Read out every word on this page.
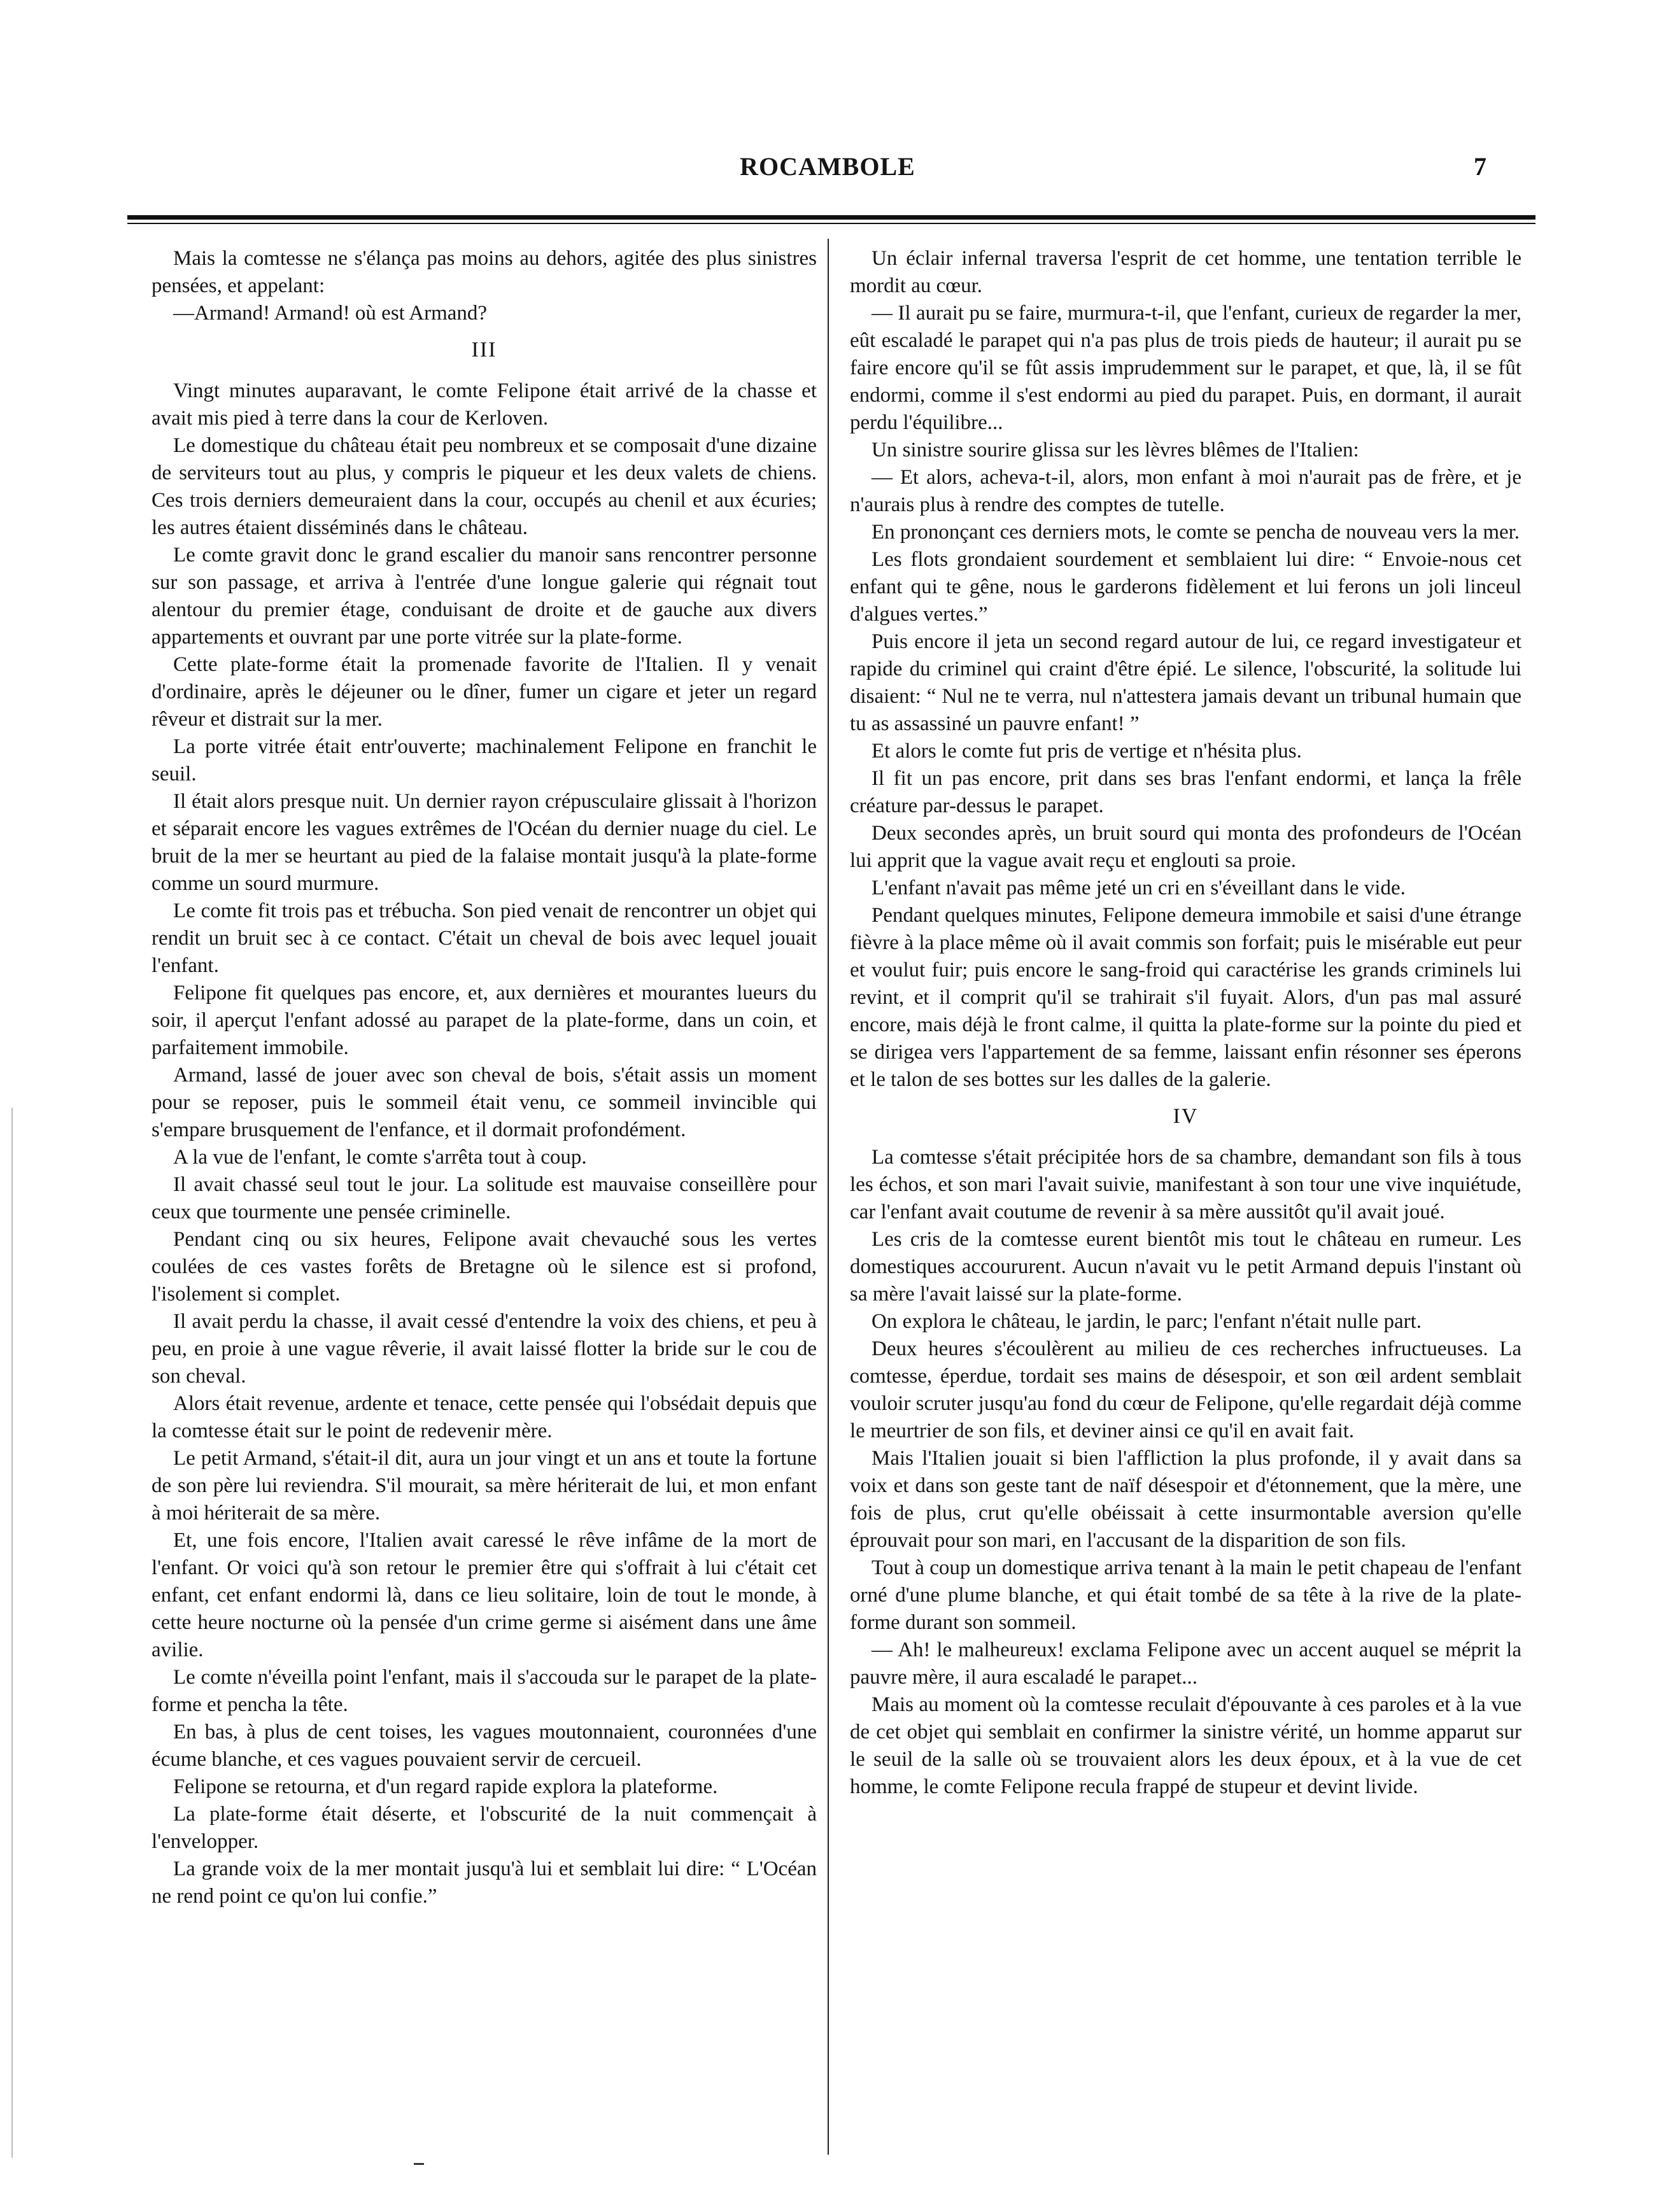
ROCAMBOLE	7

Mais la comtesse ne s'élança pas moins au dehors, agitée des plus sinistres pensées, et appelant:

—Armand! Armand! où est Armand?

III

Vingt minutes auparavant, le comte Felipone était arrivé de la chasse et avait mis pied à terre dans la cour de Kerloven.

Le domestique du château était peu nombreux et se composait d'une dizaine de serviteurs tout au plus, y compris le piqueur et les deux valets de chiens. Ces trois derniers demeuraient dans la cour, occupés au chenil et aux écuries; les autres étaient disséminés dans le château.

Le comte gravit donc le grand escalier du manoir sans rencontrer personne sur son passage, et arriva à l'entrée d'une longue galerie qui régnait tout alentour du premier étage, conduisant de droite et de gauche aux divers appartements et ouvrant par une porte vitrée sur la plate-forme.

Cette plate-forme était la promenade favorite de l'Italien. Il y venait d'ordinaire, après le déjeuner ou le dîner, fumer un cigare et jeter un regard rêveur et distrait sur la mer.

La porte vitrée était entr'ouverte; machinalement Felipone en franchit le seuil.

Il était alors presque nuit. Un dernier rayon crépusculaire glissait à l'horizon et séparait encore les vagues extrêmes de l'Océan du dernier nuage du ciel. Le bruit de la mer se heurtant au pied de la falaise montait jusqu'à la plate-forme comme un sourd murmure.

Le comte fit trois pas et trébucha. Son pied venait de rencontrer un objet qui rendit un bruit sec à ce contact. C'était un cheval de bois avec lequel jouait l'enfant.

Felipone fit quelques pas encore, et, aux dernières et mourantes lueurs du soir, il aperçut l'enfant adossé au parapet de la plate-forme, dans un coin, et parfaitement immobile.

Armand, lassé de jouer avec son cheval de bois, s'était assis un moment pour se reposer, puis le sommeil était venu, ce sommeil invincible qui s'empare brusquement de l'enfance, et il dormait profondément.

A la vue de l'enfant, le comte s'arrêta tout à coup.

Il avait chassé seul tout le jour. La solitude est mauvaise conseillère pour ceux que tourmente une pensée criminelle.

Pendant cinq ou six heures, Felipone avait chevauché sous les vertes coulées de ces vastes forêts de Bretagne où le silence est si profond, l'isolement si complet.

Il avait perdu la chasse, il avait cessé d'entendre la voix des chiens, et peu à peu, en proie à une vague rêverie, il avait laissé flotter la bride sur le cou de son cheval.

Alors était revenue, ardente et tenace, cette pensée qui l'obsédait depuis que la comtesse était sur le point de redevenir mère.

Le petit Armand, s'était-il dit, aura un jour vingt et un ans et toute la fortune de son père lui reviendra. S'il mourait, sa mère hériterait de lui, et mon enfant à moi hériterait de sa mère.

Et, une fois encore, l'Italien avait caressé le rêve infâme de la mort de l'enfant. Or voici qu'à son retour le premier être qui s'offrait à lui c'était cet enfant, cet enfant endormi là, dans ce lieu solitaire, loin de tout le monde, à cette heure nocturne où la pensée d'un crime germe si aisément dans une âme avilie.

Le comte n'éveilla point l'enfant, mais il s'accouda sur le parapet de la plate-forme et pencha la tête.

En bas, à plus de cent toises, les vagues moutonnaient, couronnées d'une écume blanche, et ces vagues pouvaient servir de cercueil.

Felipone se retourna, et d'un regard rapide explora la plateforme.

La plate-forme était déserte, et l'obscurité de la nuit commençait à l'envelopper.

La grande voix de la mer montait jusqu'à lui et semblait lui dire: “ L'Océan ne rend point ce qu'on lui confie.”

Un éclair infernal traversa l'esprit de cet homme, une tentation terrible le mordit au cœur.

— Il aurait pu se faire, murmura-t-il, que l'enfant, curieux de regarder la mer, eût escaladé le parapet qui n'a pas plus de trois pieds de hauteur; il aurait pu se faire encore qu'il se fût assis imprudemment sur le parapet, et que, là, il se fût endormi, comme il s'est endormi au pied du parapet. Puis, en dormant, il aurait perdu l'équilibre...

Un sinistre sourire glissa sur les lèvres blêmes de l'Italien:

— Et alors, acheva-t-il, alors, mon enfant à moi n'aurait pas de frère, et je n'aurais plus à rendre des comptes de tutelle.

En prononçant ces derniers mots, le comte se pencha de nouveau vers la mer.

Les flots grondaient sourdement et semblaient lui dire: “ Envoie-nous cet enfant qui te gêne, nous le garderons fidèlement et lui ferons un joli linceul d'algues vertes.”

Puis encore il jeta un second regard autour de lui, ce regard investigateur et rapide du criminel qui craint d'être épié. Le silence, l'obscurité, la solitude lui disaient: “ Nul ne te verra, nul n'attestera jamais devant un tribunal humain que tu as assassiné un pauvre enfant! ”

Et alors le comte fut pris de vertige et n'hésita plus.

Il fit un pas encore, prit dans ses bras l'enfant endormi, et lança la frêle créature par-dessus le parapet.

Deux secondes après, un bruit sourd qui monta des profondeurs de l'Océan lui apprit que la vague avait reçu et englouti sa proie.

L'enfant n'avait pas même jeté un cri en s'éveillant dans le vide.

Pendant quelques minutes, Felipone demeura immobile et saisi d'une étrange fièvre à la place même où il avait commis son forfait; puis le misérable eut peur et voulut fuir; puis encore le sang-froid qui caractérise les grands criminels lui revint, et il comprit qu'il se trahirait s'il fuyait. Alors, d'un pas mal assuré encore, mais déjà le front calme, il quitta la plate-forme sur la pointe du pied et se dirigea vers l'appartement de sa femme, laissant enfin résonner ses éperons et le talon de ses bottes sur les dalles de la galerie.

IV

La comtesse s'était précipitée hors de sa chambre, demandant son fils à tous les échos, et son mari l'avait suivie, manifestant à son tour une vive inquiétude, car l'enfant avait coutume de revenir à sa mère aussitôt qu'il avait joué.

Les cris de la comtesse eurent bientôt mis tout le château en rumeur. Les domestiques accoururent. Aucun n'avait vu le petit Armand depuis l'instant où sa mère l'avait laissé sur la plate-forme.

On explora le château, le jardin, le parc; l'enfant n'était nulle part.

Deux heures s'écoulèrent au milieu de ces recherches infructueuses. La comtesse, éperdue, tordait ses mains de désespoir, et son œil ardent semblait vouloir scruter jusqu'au fond du cœur de Felipone, qu'elle regardait déjà comme le meurtrier de son fils, et deviner ainsi ce qu'il en avait fait.

Mais l'Italien jouait si bien l'affliction la plus profonde, il y avait dans sa voix et dans son geste tant de naïf désespoir et d'étonnement, que la mère, une fois de plus, crut qu'elle obéissait à cette insurmontable aversion qu'elle éprouvait pour son mari, en l'accusant de la disparition de son fils.

Tout à coup un domestique arriva tenant à la main le petit chapeau de l'enfant orné d'une plume blanche, et qui était tombé de sa tête à la rive de la plate-forme durant son sommeil.

— Ah! le malheureux! exclama Felipone avec un accent auquel se méprit la pauvre mère, il aura escaladé le parapet...

Mais au moment où la comtesse reculait d'épouvante à ces paroles et à la vue de cet objet qui semblait en confirmer la sinistre vérité, un homme apparut sur le seuil de la salle où se trouvaient alors les deux époux, et à la vue de cet homme, le comte Felipone recula frappé de stupeur et devint livide.
